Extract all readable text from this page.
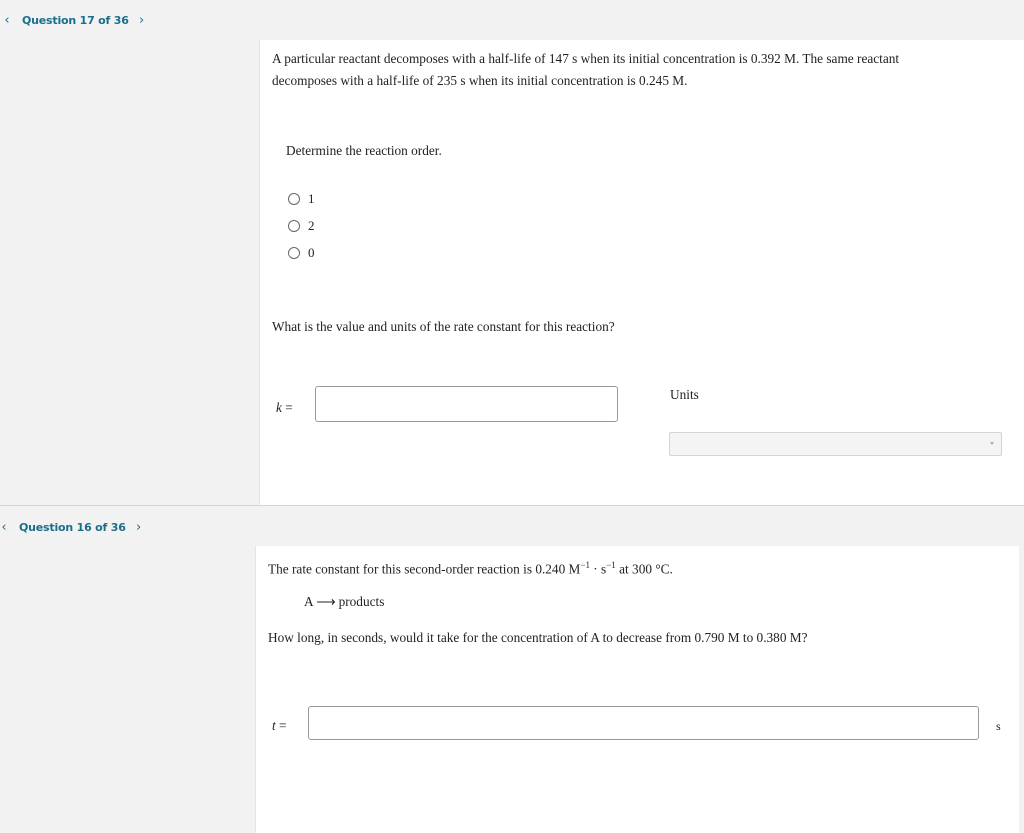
‹	Question 17 of 36 ›
A particular reactant decomposes with a half-life of 147 s when its initial concentration is 0.392 M. The same reactant
decomposes with a half-life of 235 s when its initial concentration is 0.245 M.
Determine the reaction order.
1
2
0
What is the value and units of the rate constant for this reaction?
k =
Units
‹	Question 16 of 36 ›
The rate constant for this second-order reaction is 0.240 $M^{-1} \cdot s^{-1}$ at 300 °C.
A ⟶ products
How long, in seconds, would it take for the concentration of A to decrease from 0.790 M to 0.380 M?
t =	s
